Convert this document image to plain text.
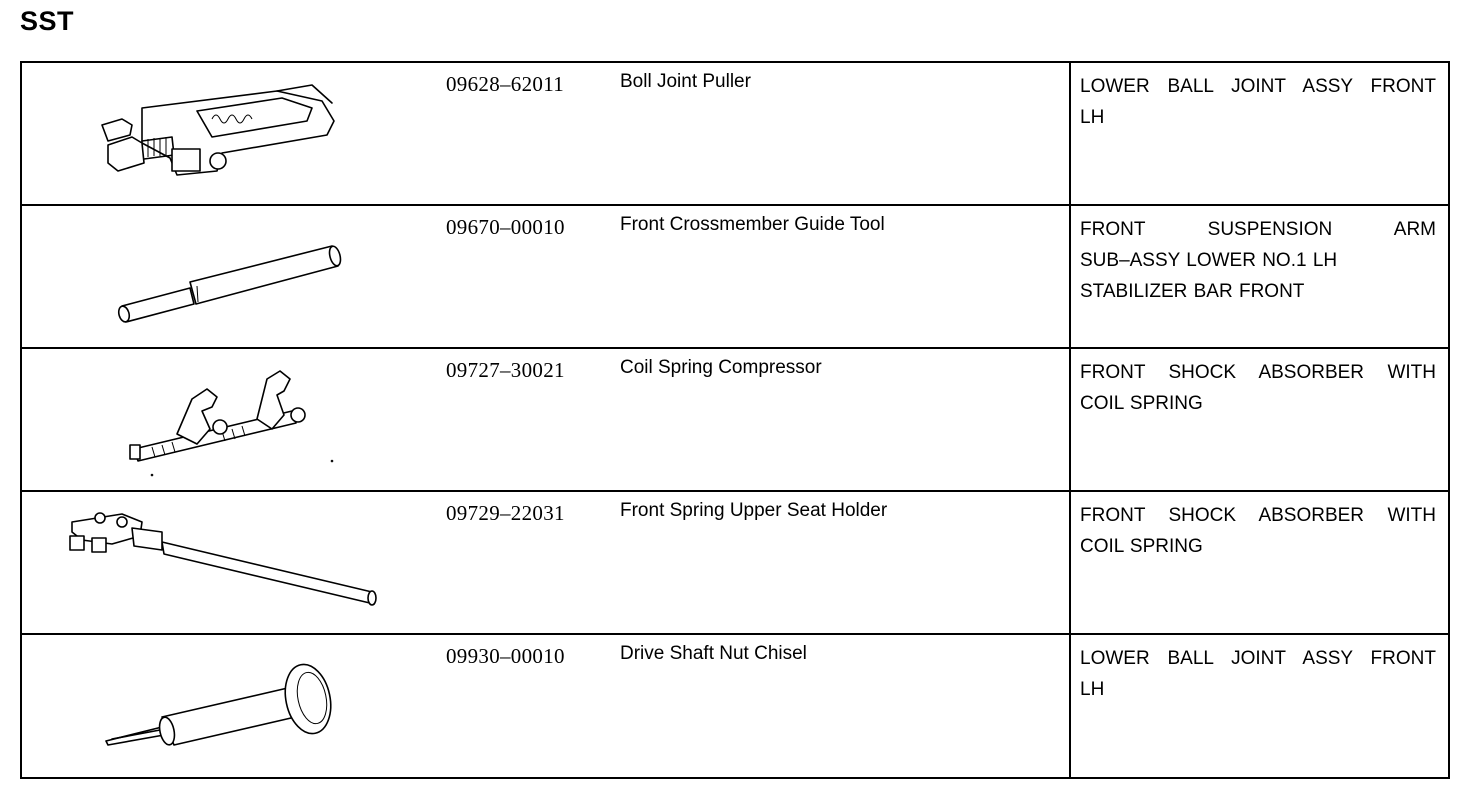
SST
09628–62011	Boll Joint Puller	LOWER BALL JOINT ASSY FRONT
LH
09670–00010	Front Crossmember Guide Tool	FRONT SUSPENSION ARM
SUB–ASSY LOWER NO.1 LH
STABILIZER BAR FRONT
09727–30021	Coil Spring Compressor	FRONT SHOCK ABSORBER WITH
COIL SPRING
09729–22031	Front Spring Upper Seat Holder	FRONT SHOCK ABSORBER WITH
COIL SPRING
09930–00010	Drive Shaft Nut Chisel	LOWER BALL JOINT ASSY FRONT
LH
